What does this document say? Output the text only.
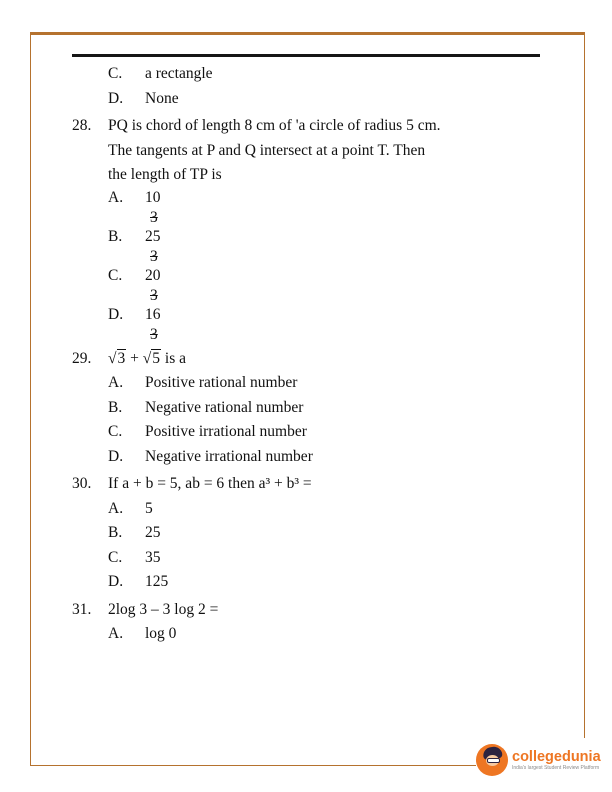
C.	a rectangle
D.	None
28.	PQ is chord of length 8 cm of 'a circle of radius 5 cm.
The tangents at P and Q intersect at a point T. Then
the length of TP is
A.	10
3
B.	25
3
C.	20
3
D.	16
3
29.	√3 + √5 is a
A.	Positive rational number
B.	Negative rational number
C.	Positive irrational number
D.	Negative irrational number
30.	If a + b = 5, ab = 6 then a³ + b³ =
A.	5
B.	25
C.	35
D.	125
31.	2log 3 – 3 log 2 =
A.	log 0
collegedunia
India's largest Student Review Platform
